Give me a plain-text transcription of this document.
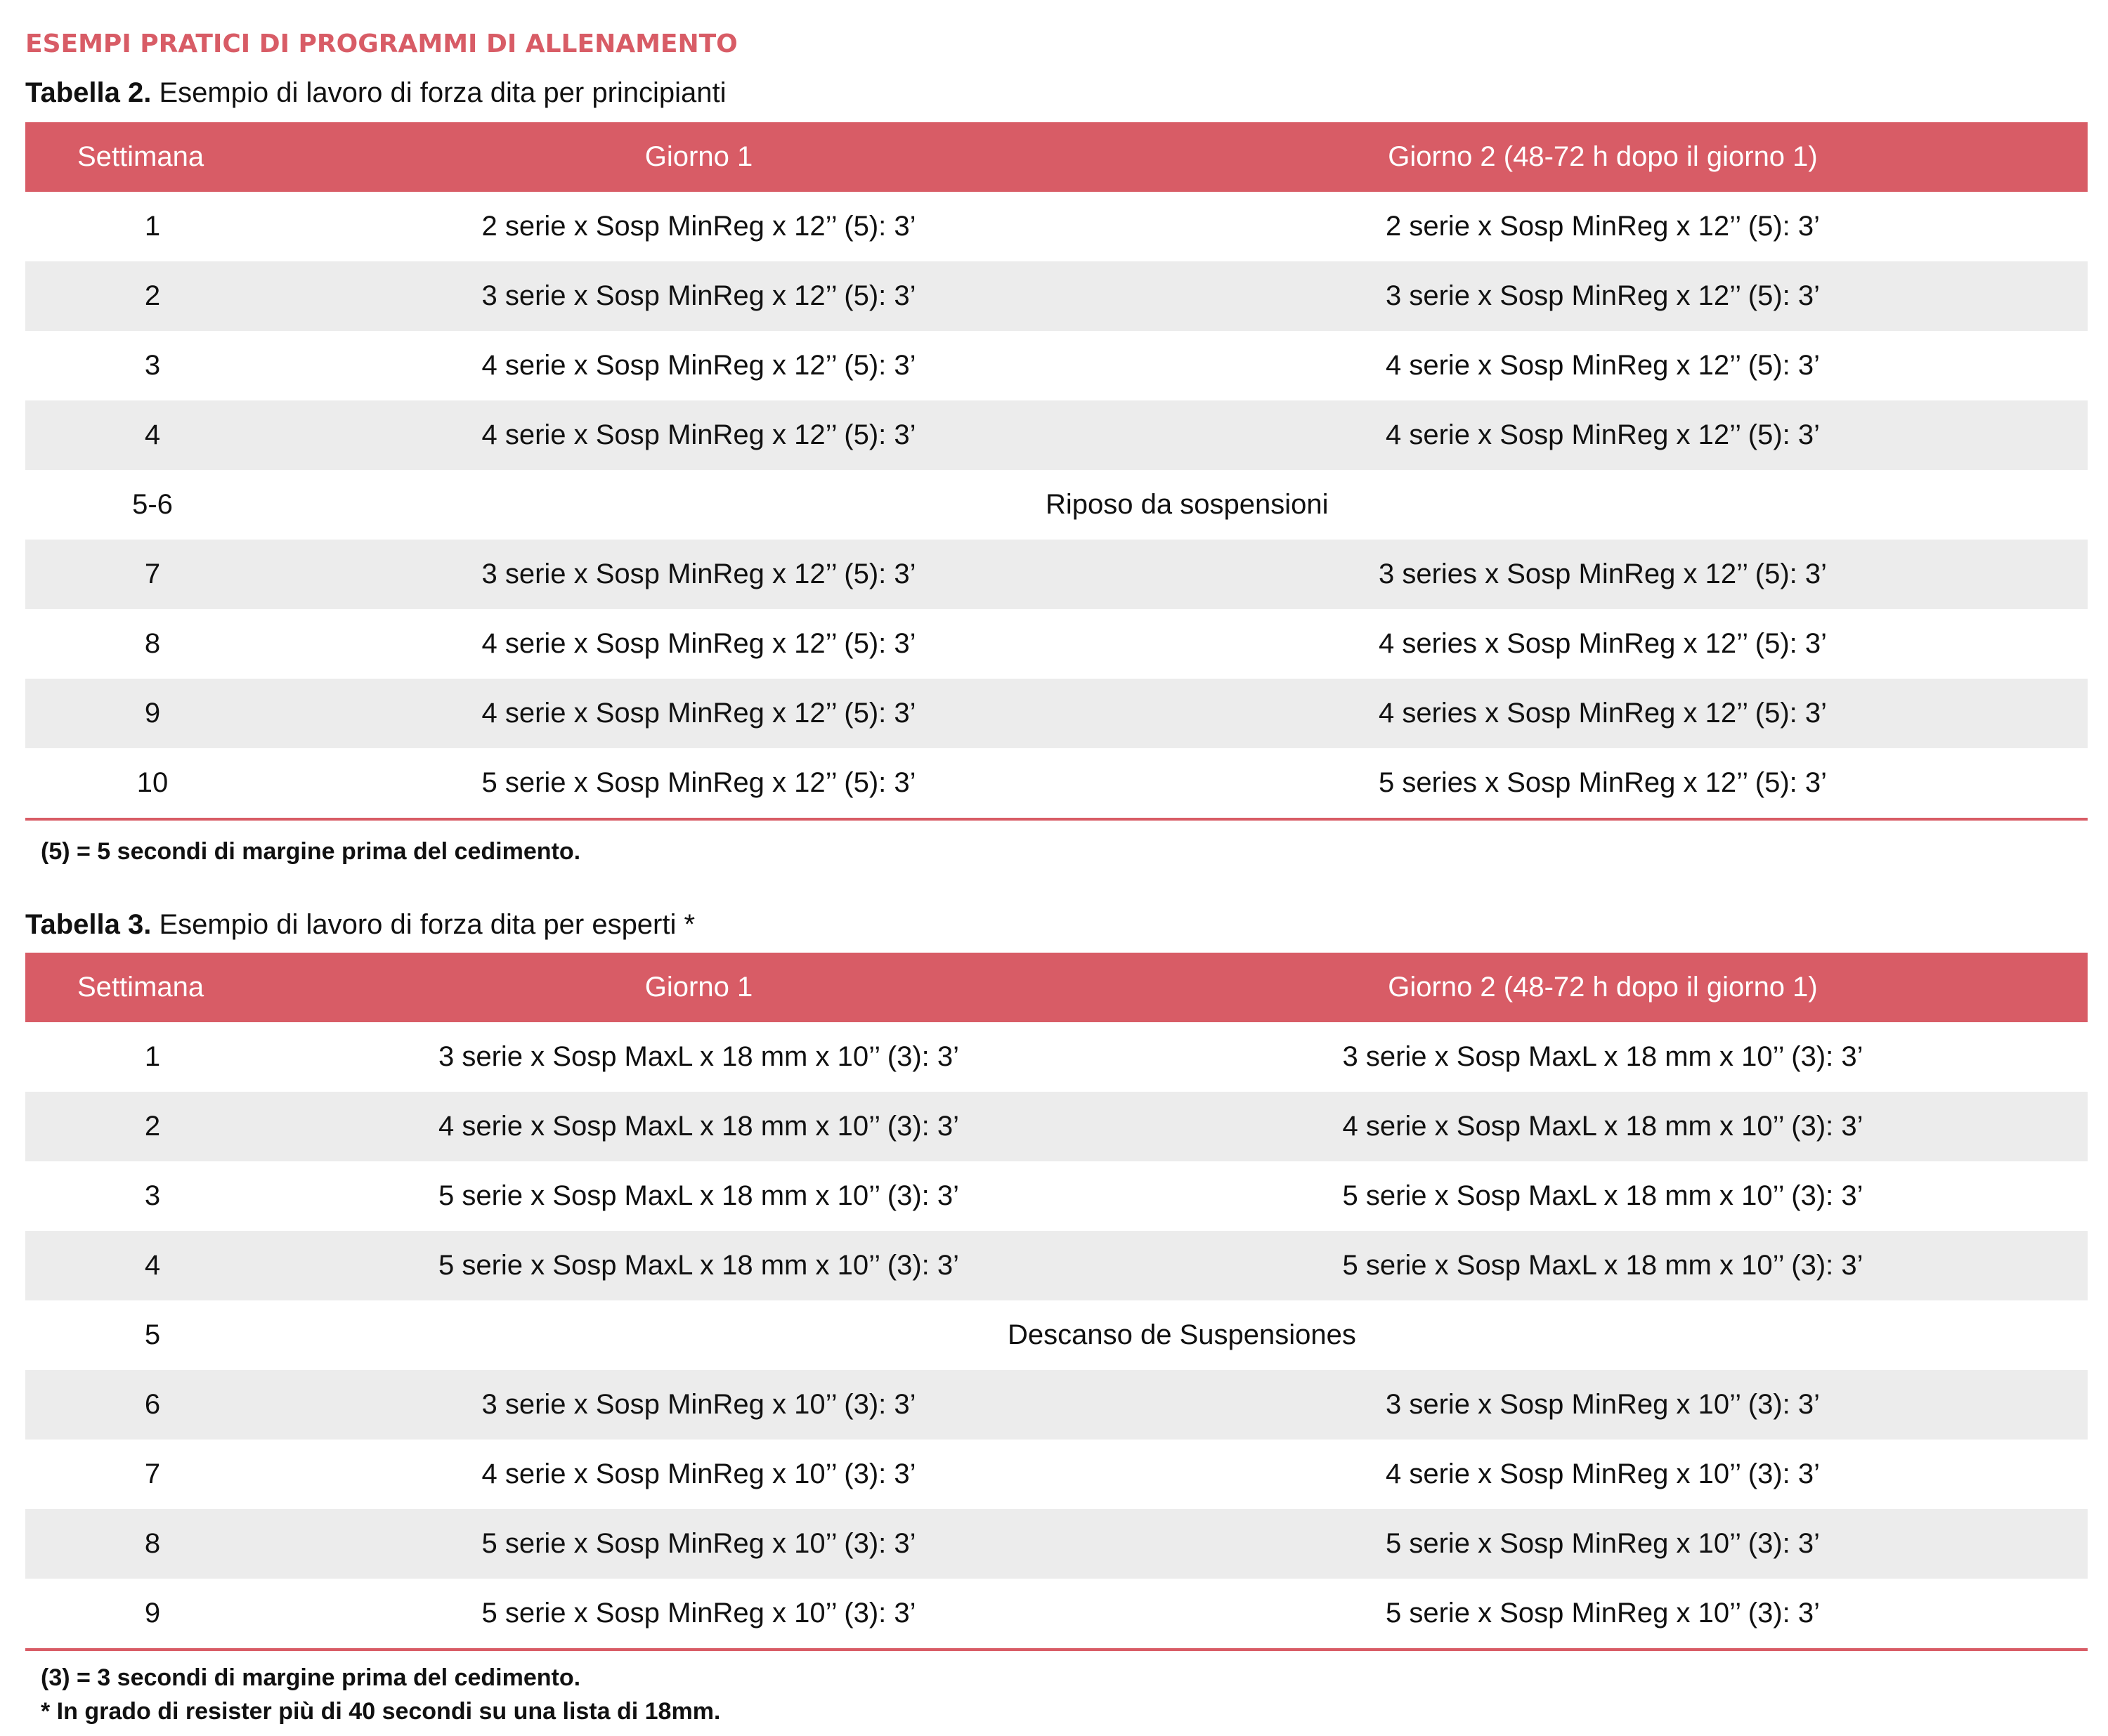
ESEMPI PRATICI DI PROGRAMMI DI ALLENAMENTO
Tabella 2. Esempio di lavoro di forza dita per principianti
Settimana	Giorno 1	Giorno 2 (48-72 h dopo il giorno 1)
1	2 serie x Sosp MinReg x 12’’ (5): 3’	2 serie x Sosp MinReg x 12’’ (5): 3’
2	3 serie x Sosp MinReg x 12’’ (5): 3’	3 serie x Sosp MinReg x 12’’ (5): 3’
3	4 serie x Sosp MinReg x 12’’ (5): 3’	4 serie x Sosp MinReg x 12’’ (5): 3’
4	4 serie x Sosp MinReg x 12’’ (5): 3’	4 serie x Sosp MinReg x 12’’ (5): 3’
5-6	Riposo da sospensioni	
7	3 serie x Sosp MinReg x 12’’ (5): 3’	3 series x Sosp MinReg x 12’’ (5): 3’
8	4 serie x Sosp MinReg x 12’’ (5): 3’	4 series x Sosp MinReg x 12’’ (5): 3’
9	4 serie x Sosp MinReg x 12’’ (5): 3’	4 series x Sosp MinReg x 12’’ (5): 3’
10	5 serie x Sosp MinReg x 12’’ (5): 3’	5 series x Sosp MinReg x 12’’ (5): 3’
(5) = 5 secondi di margine prima del cedimento.
Tabella 3. Esempio di lavoro di forza dita per esperti *
Settimana	Giorno 1	Giorno 2 (48-72 h dopo il giorno 1)
1	3 serie x Sosp MaxL x 18 mm x 10’’ (3): 3’	3 serie x Sosp MaxL x 18 mm x 10’’ (3): 3’
2	4 serie x Sosp MaxL x 18 mm x 10’’ (3): 3’	4 serie x Sosp MaxL x 18 mm x 10’’ (3): 3’
3	5 serie x Sosp MaxL x 18 mm x 10’’ (3): 3’	5 serie x Sosp MaxL x 18 mm x 10’’ (3): 3’
4	5 serie x Sosp MaxL x 18 mm x 10’’ (3): 3’	5 serie x Sosp MaxL x 18 mm x 10’’ (3): 3’
5	Descanso de Suspensiones	
6	3 serie x Sosp MinReg x 10’’ (3): 3’	3 serie x Sosp MinReg x 10’’ (3): 3’
7	4 serie x Sosp MinReg x 10’’ (3): 3’	4 serie x Sosp MinReg x 10’’ (3): 3’
8	5 serie x Sosp MinReg x 10’’ (3): 3’	5 serie x Sosp MinReg x 10’’ (3): 3’
9	5 serie x Sosp MinReg x 10’’ (3): 3’	5 serie x Sosp MinReg x 10’’ (3): 3’
(3) = 3 secondi di margine prima del cedimento.
* In grado di resister più di 40 secondi su una lista di 18mm.
